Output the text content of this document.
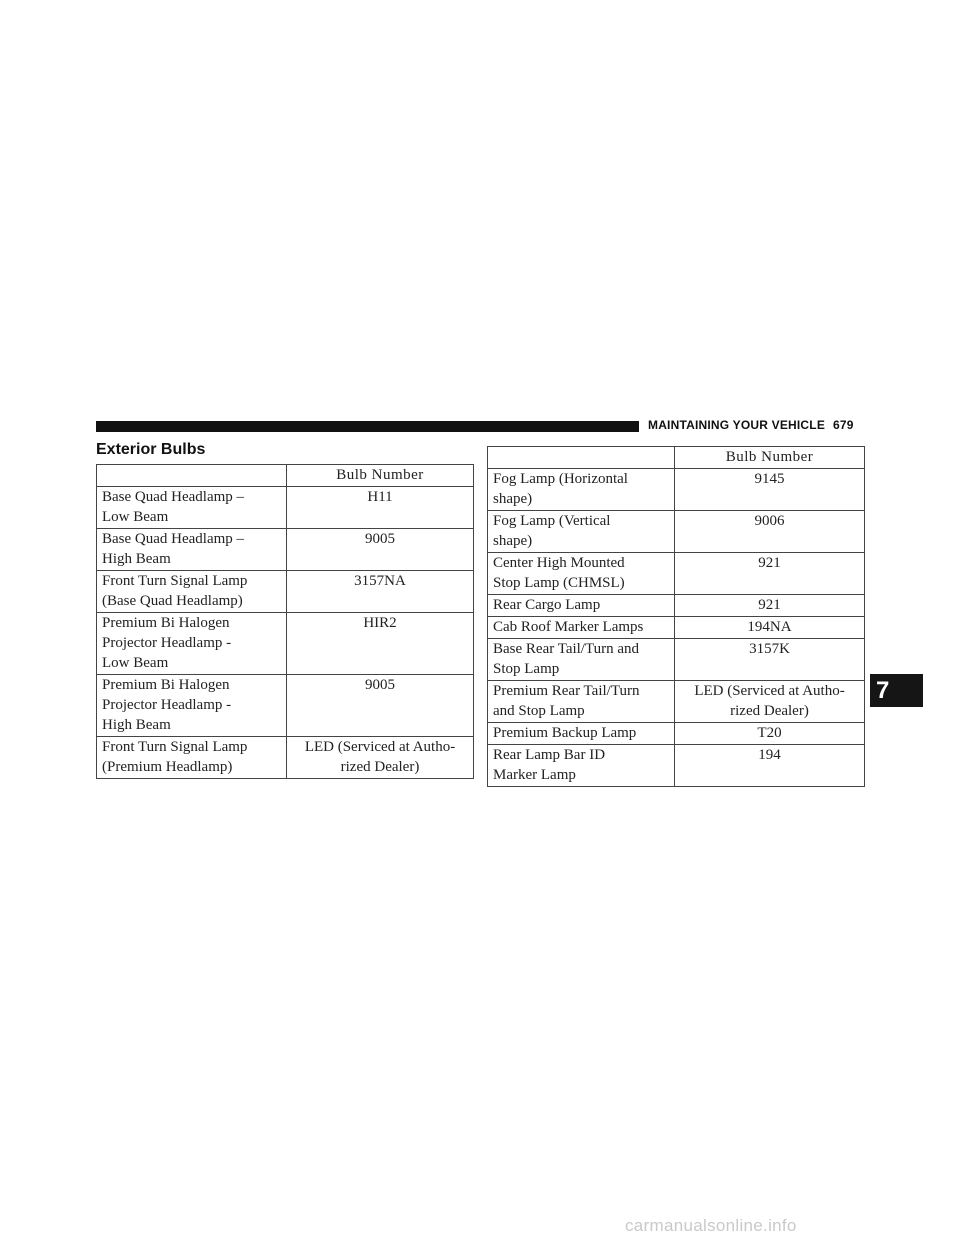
MAINTAINING YOUR VEHICLE 679
Exterior Bulbs
	Bulb Number
Base Quad Headlamp –
Low Beam	H11
Base Quad Headlamp –
High Beam	9005
Front Turn Signal Lamp
(Base Quad Headlamp)	3157NA
Premium Bi Halogen
Projector Headlamp -
Low Beam	HIR2
Premium Bi Halogen
Projector Headlamp -
High Beam	9005
Front Turn Signal Lamp
(Premium Headlamp)	LED (Serviced at Autho-
rized Dealer)
	Bulb Number
Fog Lamp (Horizontal
shape)	9145
Fog Lamp (Vertical
shape)	9006
Center High Mounted
Stop Lamp (CHMSL)	921
Rear Cargo Lamp	921
Cab Roof Marker Lamps	194NA
Base Rear Tail/Turn and
Stop Lamp	3157K
Premium Rear Tail/Turn
and Stop Lamp	LED (Serviced at Autho-
rized Dealer)
Premium Backup Lamp	T20
Rear Lamp Bar ID
Marker Lamp	194
7
carmanualsonline.info
